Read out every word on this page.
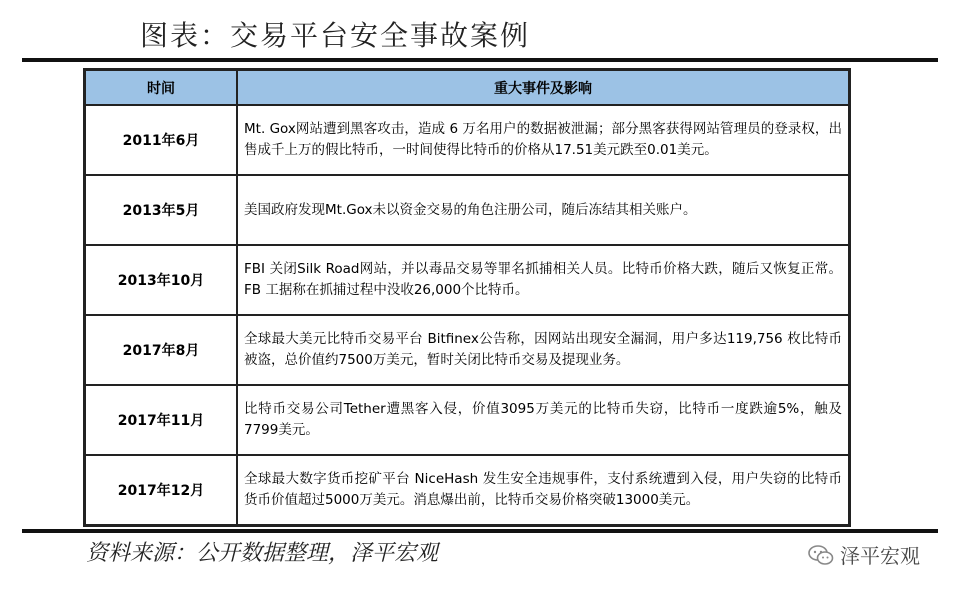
图表：交易平台安全事故案例
时间	重大事件及影响
2011年6月	Mt. Gox网站遭到黑客攻击，造成 6 万名用户的数据被泄漏；部分黑客获得网站管理员的登录权，出售成千上万的假比特币，一时间使得比特币的价格从17.51美元跌至0.01美元。
2013年5月	美国政府发现Mt.Gox未以资金交易的角色注册公司，随后冻结其相关账户。
2013年10月	FBI 关闭Silk Road网站，并以毒品交易等罪名抓捕相关人员。比特币价格大跌，随后又恢复正常。 FB 工据称在抓捕过程中没收26,000个比特币。
2017年8月	全球最大美元比特币交易平台 Bitfinex公告称，因网站出现安全漏洞，用户多达119,756 枚比特币被盗，总价值约7500万美元，暂时关闭比特币交易及提现业务。
2017年11月	比特币交易公司Tether遭黑客入侵，价值3095万美元的比特币失窃，比特币一度跌逾5%，触及7799美元。
2017年12月	全球最大数字货币挖矿平台 NiceHash 发生安全违规事件，支付系统遭到入侵，用户失窃的比特币货币价值超过5000万美元。消息爆出前，比特币交易价格突破13000美元。
资料来源：公开数据整理，泽平宏观	泽平宏观
